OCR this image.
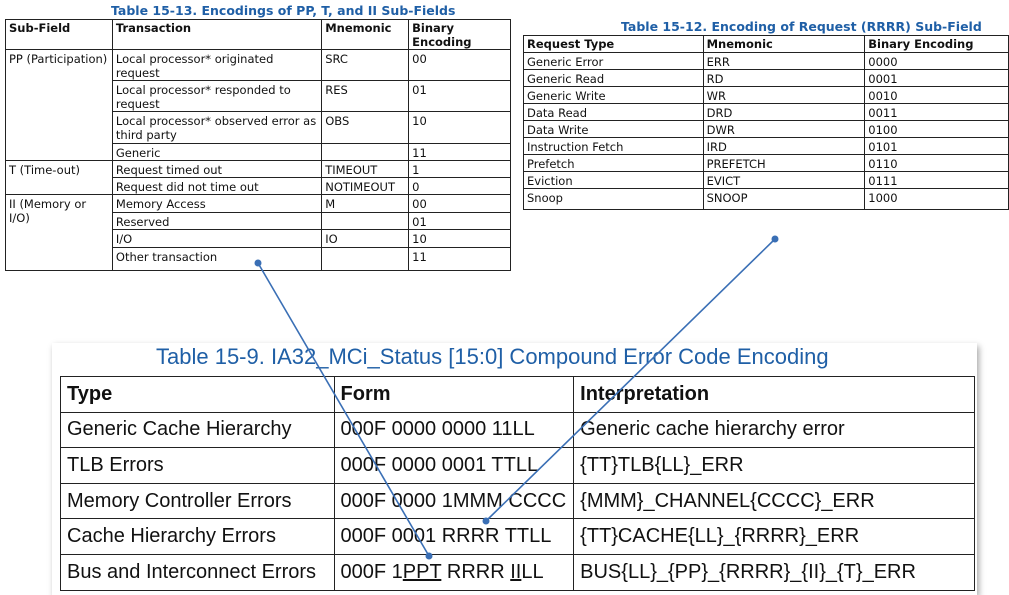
Table 15-13. Encodings of PP, T, and II Sub-Fields
Sub-Field	Transaction	Mnemonic	Binary Encoding
PP (Participation)	Local processor* originated request	SRC	00
	Local processor* responded to request	RES	01
	Local processor* observed error as third party	OBS	10
	Generic		11
T (Time-out)	Request timed out	TIMEOUT	1
	Request did not time out	NOTIMEOUT	0
II (Memory or I/O)	Memory Access	M	00
	Reserved		01
	I/O	IO	10
	Other transaction		11
Table 15-12. Encoding of Request (RRRR) Sub-Field
Request Type	Mnemonic	Binary Encoding
Generic Error	ERR	0000
Generic Read	RD	0001
Generic Write	WR	0010
Data Read	DRD	0011
Data Write	DWR	0100
Instruction Fetch	IRD	0101
Prefetch	PREFETCH	0110
Eviction	EVICT	0111
Snoop	SNOOP	1000
Table 15-9. IA32_MCi_Status [15:0] Compound Error Code Encoding
Type	Form	Interpretation
Generic Cache Hierarchy	000F 0000 0000 11LL	Generic cache hierarchy error
TLB Errors	000F 0000 0001 TTLL	{TT}TLB{LL}_ERR
Memory Controller Errors	000F 0000 1MMM CCCC	{MMM}_CHANNEL{CCCC}_ERR
Cache Hierarchy Errors	000F 0001 RRRR TTLL	{TT}CACHE{LL}_{RRRR}_ERR
Bus and Interconnect Errors	000F 1PPT RRRR IILL	BUS{LL}_{PP}_{RRRR}_{II}_{T}_ERR
